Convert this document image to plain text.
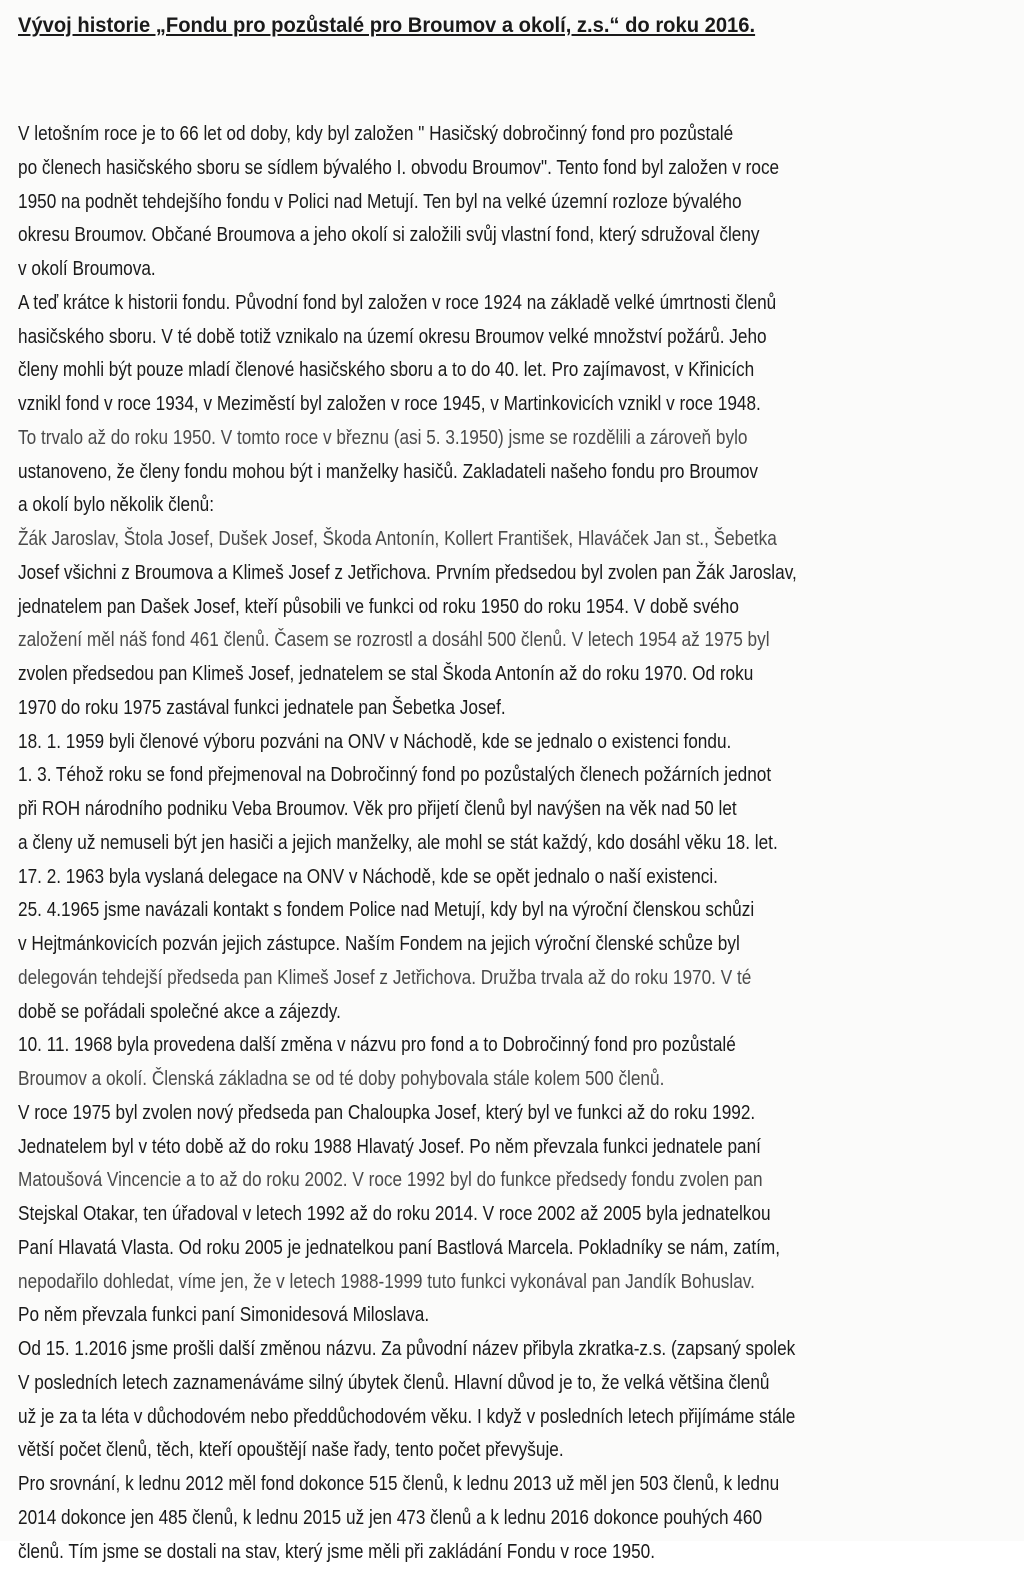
Vývoj historie „Fondu pro pozůstalé pro Broumov a okolí, z.s.“ do roku 2016.
V letošním roce je to 66 let od doby, kdy byl založen " Hasičský dobročinný fond pro pozůstalé
po členech hasičského sboru se sídlem bývalého I. obvodu Broumov". Tento fond byl založen v roce
1950 na podnět tehdejšího fondu v Polici nad Metují. Ten byl na velké územní rozloze bývalého
okresu Broumov. Občané Broumova a jeho okolí si založili svůj vlastní fond, který sdružoval členy
v okolí Broumova.
A teď krátce k historii fondu. Původní fond byl založen v roce 1924 na základě velké úmrtnosti členů
hasičského sboru. V té době totiž vznikalo na území okresu Broumov velké množství požárů. Jeho
členy mohli být pouze mladí členové hasičského sboru a to do 40. let. Pro zajímavost, v Křinicích
vznikl fond v roce 1934, v Meziměstí byl založen v roce 1945, v Martinkovicích vznikl v roce 1948.
To trvalo až do roku 1950. V tomto roce v březnu (asi 5. 3.1950) jsme se rozdělili a zároveň bylo
ustanoveno, že členy fondu mohou být i manželky hasičů. Zakladateli našeho fondu pro Broumov
a okolí bylo několik členů:
Žák Jaroslav, Štola Josef, Dušek Josef, Škoda Antonín, Kollert František, Hlaváček Jan st., Šebetka
Josef všichni z Broumova a Klimeš Josef z Jetřichova. Prvním předsedou byl zvolen pan Žák Jaroslav,
jednatelem pan Dašek Josef, kteří působili ve funkci od roku 1950 do roku 1954. V době svého
založení měl náš fond 461 členů. Časem se rozrostl a dosáhl 500 členů. V letech 1954 až 1975 byl
zvolen předsedou pan Klimeš Josef, jednatelem se stal Škoda Antonín až do roku 1970. Od roku
1970 do roku 1975 zastával funkci jednatele pan Šebetka Josef.
18. 1. 1959 byli členové výboru pozváni na ONV v Náchodě, kde se jednalo o existenci fondu.
1. 3. Téhož roku se fond přejmenoval na Dobročinný fond po pozůstalých členech požárních jednot
při ROH národního podniku Veba Broumov. Věk pro přijetí členů byl navýšen na věk nad 50 let
a členy už nemuseli být jen hasiči a jejich manželky, ale mohl se stát každý, kdo dosáhl věku 18. let.
17. 2. 1963 byla vyslaná delegace na ONV v Náchodě, kde se opět jednalo o naší existenci.
25. 4.1965 jsme navázali kontakt s fondem Police nad Metují, kdy byl na výroční členskou schůzi
v Hejtmánkovicích pozván jejich zástupce. Naším Fondem na jejich výroční členské schůze byl
delegován tehdejší předseda pan Klimeš Josef z Jetřichova. Družba trvala až do roku 1970. V té
době se pořádali společné akce a zájezdy.
10. 11. 1968 byla provedena další změna v názvu pro fond a to Dobročinný fond pro pozůstalé
Broumov a okolí. Členská základna se od té doby pohybovala stále kolem 500 členů.
V roce 1975 byl zvolen nový předseda pan Chaloupka Josef, který byl ve funkci až do roku 1992.
Jednatelem byl v této době až do roku 1988 Hlavatý Josef. Po něm převzala funkci jednatele paní
Matoušová Vincencie a to až do roku 2002. V roce 1992 byl do funkce předsedy fondu zvolen pan
Stejskal Otakar, ten úřadoval v letech 1992 až do roku 2014. V roce 2002 až 2005 byla jednatelkou
Paní Hlavatá Vlasta. Od roku 2005 je jednatelkou paní Bastlová Marcela. Pokladníky se nám, zatím,
nepodařilo dohledat, víme jen, že v letech 1988-1999 tuto funkci vykonával pan Jandík Bohuslav.
Po něm převzala funkci paní Simonidesová Miloslava.
Od 15. 1.2016 jsme prošli další změnou názvu. Za původní název přibyla zkratka-z.s. (zapsaný spolek
V posledních letech zaznamenáváme silný úbytek členů. Hlavní důvod je to, že velká většina členů
už je za ta léta v důchodovém nebo předdůchodovém věku. I když v posledních letech přijímáme stále
větší počet členů, těch, kteří opouštějí naše řady, tento počet převyšuje.
Pro srovnání, k lednu 2012 měl fond dokonce 515 členů, k lednu 2013 už měl jen 503 členů, k lednu
2014 dokonce jen 485 členů, k lednu 2015 už jen 473 členů a k lednu 2016 dokonce pouhých 460
členů. Tím jsme se dostali na stav, který jsme měli při zakládání Fondu v roce 1950.
